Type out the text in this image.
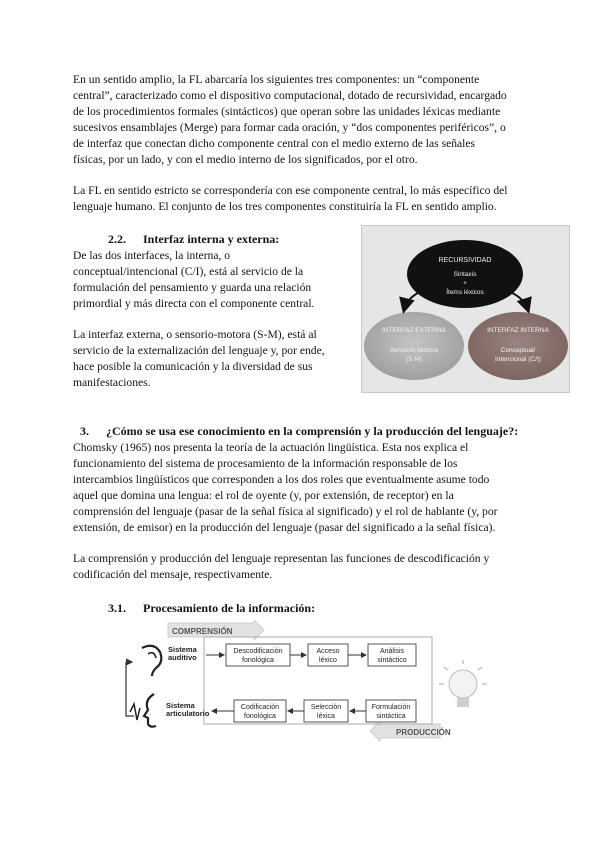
En un sentido amplio, la FL abarcaría los siguientes tres componentes: un “componente
central”, caracterizado como el dispositivo computacional, dotado de recursividad, encargado
de los procedimientos formales (sintácticos) que operan sobre las unidades léxicas mediante
sucesivos ensamblajes (Merge) para formar cada oración, y “dos componentes periféricos”, o
de interfaz que conectan dicho componente central con el medio externo de las señales
físicas, por un lado, y con el medio interno de los significados, por el otro.
La FL en sentido estricto se correspondería con ese componente central, lo más específico del
lenguaje humano. El conjunto de los tres componentes constituiría la FL en sentido amplio.
2.2. Interfaz interna y externa:
De las dos interfaces, la interna, o
conceptual/intencional (C/I), está al servicio de la
formulación del pensamiento y guarda una relación
primordial y más directa con el componente central.
La interfaz externa, o sensorio-motora (S-M), está al
servicio de la externalización del lenguaje y, por ende,
hace posible la comunicación y la diversidad de sus
manifestaciones.
RECURSIVIDAD
Sintaxis
+
Ítems léxicos
INTERFAZ EXTERNA
Sensorio-Motora
(S-M)
INTERFAZ INTERNA
Conceptual/
Intencional (C/I)
3. ¿Cómo se usa ese conocimiento en la comprensión y la producción del lenguaje?:
Chomsky (1965) nos presenta la teoría de la actuación lingüística. Esta nos explica el
funcionamiento del sistema de procesamiento de la información responsable de los
intercambios lingüísticos que corresponden a los dos roles que eventualmente asume todo
aquel que domina una lengua: el rol de oyente (y, por extensión, de receptor) en la
comprensión del lenguaje (pasar de la señal física al significado) y el rol de hablante (y, por
extensión, de emisor) en la producción del lenguaje (pasar del significado a la señal física).
La comprensión y producción del lenguaje representan las funciones de descodificación y
codificación del mensaje, respectivamente.
3.1. Procesamiento de la información:
COMPRENSIÓN
PRODUCCIÓN
Sistema
auditivo
Descodificación
fonológica
Acceso
léxico
Análisis
sintáctico
Sistema
articulatorio
Codificación
fonológica
Selección
léxica
Formulación
sintáctica
